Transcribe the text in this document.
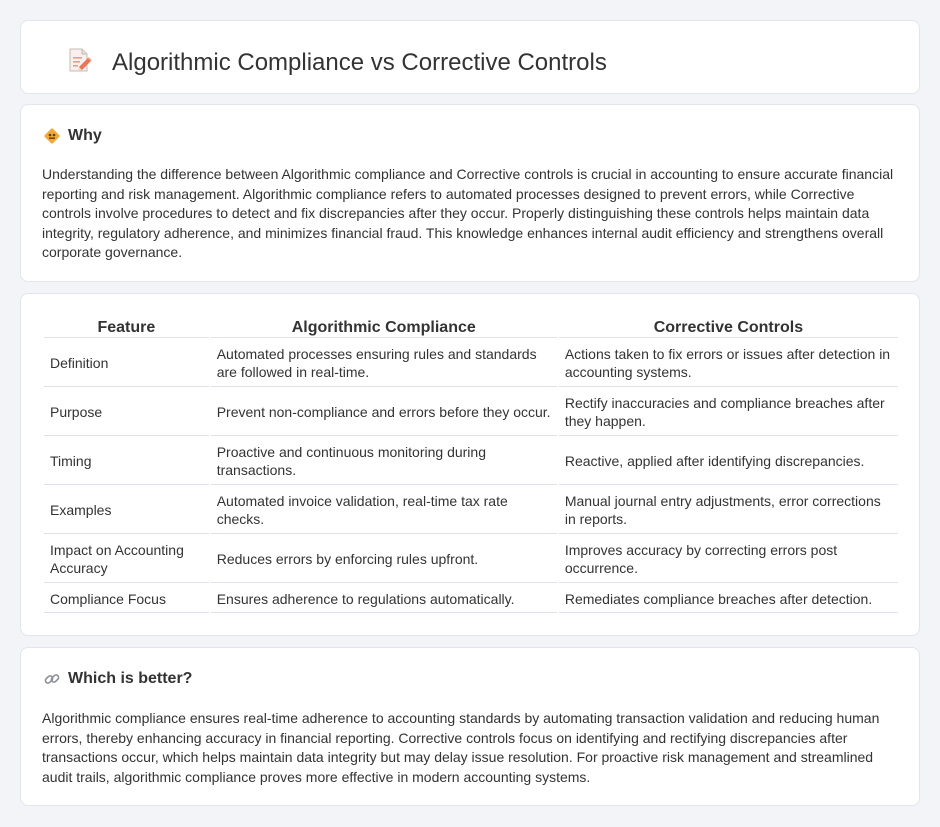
Algorithmic Compliance vs Corrective Controls
Why

Understanding the difference between Algorithmic compliance and Corrective controls is crucial in accounting to ensure accurate financial reporting and risk management. Algorithmic compliance refers to automated processes designed to prevent errors, while Corrective controls involve procedures to detect and fix discrepancies after they occur. Properly distinguishing these controls helps maintain data integrity, regulatory adherence, and minimizes financial fraud. This knowledge enhances internal audit efficiency and strengthens overall corporate governance.

Feature	Algorithmic Compliance	Corrective Controls
Definition	Automated processes ensuring rules and standards are followed in real-time.	Actions taken to fix errors or issues after detection in accounting systems.
Purpose	Prevent non-compliance and errors before they occur.	Rectify inaccuracies and compliance breaches after they happen.
Timing	Proactive and continuous monitoring during transactions.	Reactive, applied after identifying discrepancies.
Examples	Automated invoice validation, real-time tax rate checks.	Manual journal entry adjustments, error corrections in reports.
Impact on Accounting Accuracy	Reduces errors by enforcing rules upfront.	Improves accuracy by correcting errors post occurrence.
Compliance Focus	Ensures adherence to regulations automatically.	Remediates compliance breaches after detection.
Which is better?

Algorithmic compliance ensures real-time adherence to accounting standards by automating transaction validation and reducing human errors, thereby enhancing accuracy in financial reporting. Corrective controls focus on identifying and rectifying discrepancies after transactions occur, which helps maintain data integrity but may delay issue resolution. For proactive risk management and streamlined audit trails, algorithmic compliance proves more effective in modern accounting systems.
